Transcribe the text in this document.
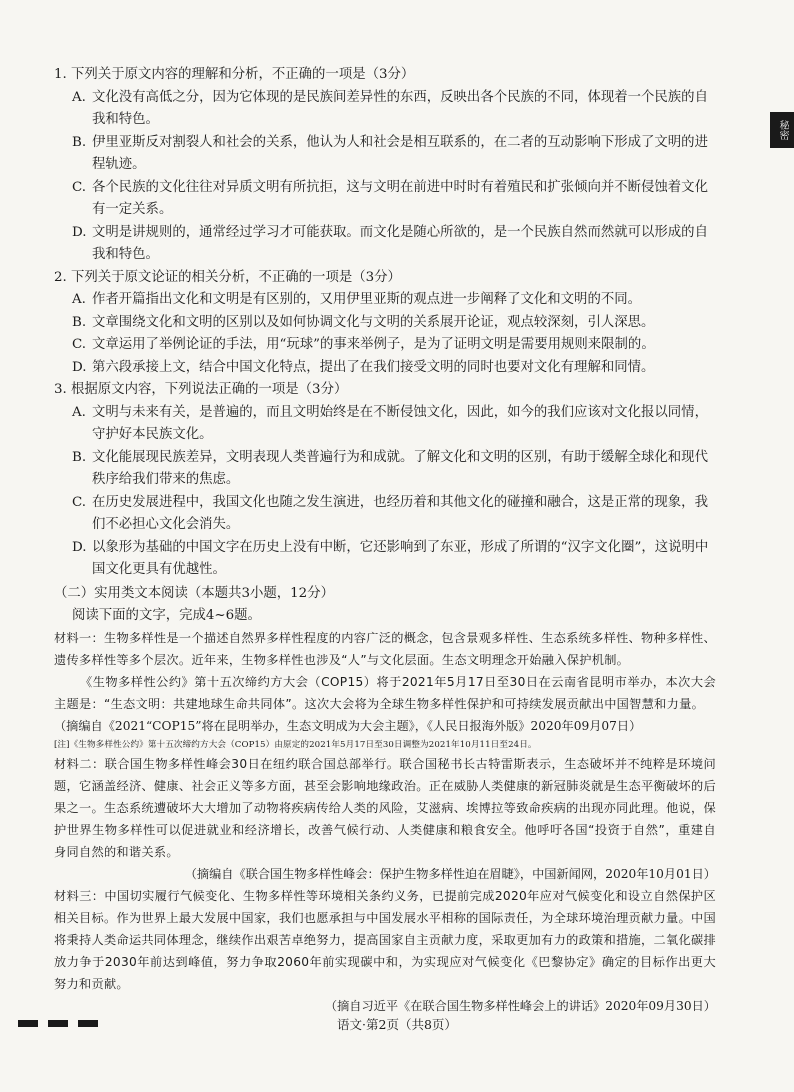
秘密
1. 下列关于原文内容的理解和分析，不正确的一项是（3分）
A. 文化没有高低之分，因为它体现的是民族间差异性的东西，反映出各个民族的不同，体现着一个民族的自我和特色。
B. 伊里亚斯反对割裂人和社会的关系，他认为人和社会是相互联系的，在二者的互动影响下形成了文明的进程轨迹。
C. 各个民族的文化往往对异质文明有所抗拒，这与文明在前进中时时有着殖民和扩张倾向并不断侵蚀着文化有一定关系。
D. 文明是讲规则的，通常经过学习才可能获取。而文化是随心所欲的，是一个民族自然而然就可以形成的自我和特色。
2. 下列关于原文论证的相关分析，不正确的一项是（3分）
A. 作者开篇指出文化和文明是有区别的，又用伊里亚斯的观点进一步阐释了文化和文明的不同。
B. 文章围绕文化和文明的区别以及如何协调文化与文明的关系展开论证，观点较深刻，引人深思。
C. 文章运用了举例论证的手法，用“玩球”的事来举例子，是为了证明文明是需要用规则来限制的。
D. 第六段承接上文，结合中国文化特点，提出了在我们接受文明的同时也要对文化有理解和同情。
3. 根据原文内容，下列说法正确的一项是（3分）
A. 文明与未来有关，是普遍的，而且文明始终是在不断侵蚀文化，因此，如今的我们应该对文化报以同情，守护好本民族文化。
B. 文化能展现民族差异，文明表现人类普遍行为和成就。了解文化和文明的区别，有助于缓解全球化和现代秩序给我们带来的焦虑。
C. 在历史发展进程中，我国文化也随之发生演进，也经历着和其他文化的碰撞和融合，这是正常的现象，我们不必担心文化会消失。
D. 以象形为基础的中国文字在历史上没有中断，它还影响到了东亚，形成了所谓的“汉字文化圈”，这说明中国文化更具有优越性。
（二）实用类文本阅读（本题共3小题，12分）
阅读下面的文字，完成4~6题。
材料一：生物多样性是一个描述自然界多样性程度的内容广泛的概念，包含景观多样性、生态系统多样性、物种多样性、遗传多样性等多个层次。近年来，生物多样性也涉及“人”与文化层面。生态文明理念开始融入保护机制。
《生物多样性公约》第十五次缔约方大会（COP15）将于2021年5月17日至30日在云南省昆明市举办，本次大会主题是：“生态文明：共建地球生命共同体”。这次大会将为全球生物多样性保护和可持续发展贡献出中国智慧和力量。
（摘编自《2021“COP15”将在昆明举办，生态文明成为大会主题》，《人民日报海外版》2020年09月07日）
[注]《生物多样性公约》第十五次缔约方大会（COP15）由原定的2021年5月17日至30日调整为2021年10月11日至24日。
材料二：联合国生物多样性峰会30日在纽约联合国总部举行。联合国秘书长古特雷斯表示，生态破坏并不纯粹是环境问题，它涵盖经济、健康、社会正义等多方面，甚至会影响地缘政治。正在威胁人类健康的新冠肺炎就是生态平衡破坏的后果之一。生态系统遭破坏大大增加了动物将疾病传给人类的风险，艾滋病、埃博拉等致命疾病的出现亦同此理。他说，保护世界生物多样性可以促进就业和经济增长，改善气候行动、人类健康和粮食安全。他呼吁各国“投资于自然”，重建自身同自然的和谐关系。
（摘编自《联合国生物多样性峰会：保护生物多样性迫在眉睫》，中国新闻网，2020年10月01日）
材料三：中国切实履行气候变化、生物多样性等环境相关条约义务，已提前完成2020年应对气候变化和设立自然保护区相关目标。作为世界上最大发展中国家，我们也愿承担与中国发展水平相称的国际责任，为全球环境治理贡献力量。中国将秉持人类命运共同体理念，继续作出艰苦卓绝努力，提高国家自主贡献力度，采取更加有力的政策和措施，二氧化碳排放力争于2030年前达到峰值，努力争取2060年前实现碳中和，为实现应对气候变化《巴黎协定》确定的目标作出更大努力和贡献。
（摘自习近平《在联合国生物多样性峰会上的讲话》2020年09月30日）
语文·第2页（共8页）
